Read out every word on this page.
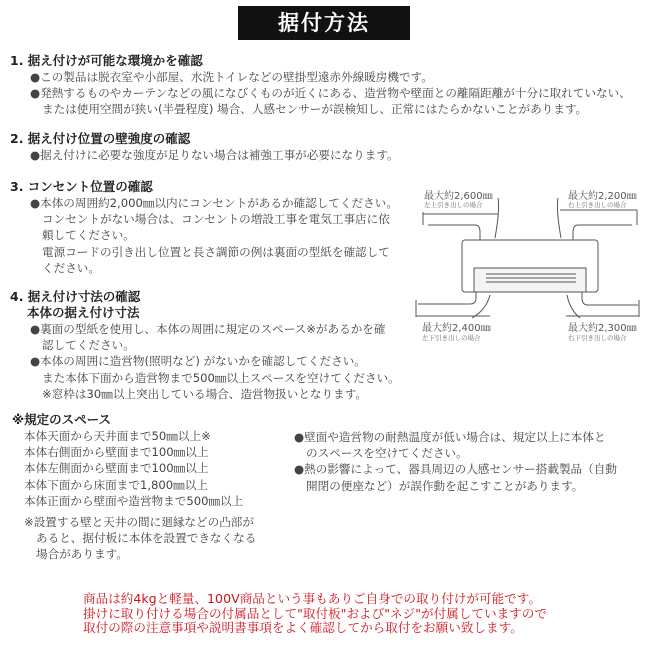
据付方法
1. 据え付けが可能な環境かを確認
●この製品は脱衣室や小部屋、水洗トイレなどの壁掛型遠赤外線暖房機です。
●発熱するものやカーテンなどの風になびくものが近くにある、造営物や壁面との離隔距離が十分に取れていない、
または使用空間が狭い(半畳程度) 場合、人感センサーが誤検知し、正常にはたらかないことがあります。
2. 据え付け位置の壁強度の確認
●据え付けに必要な強度が足りない場合は補強工事が必要になります。
3. コンセント位置の確認
●本体の周囲約2,000㎜以内にコンセントがあるか確認してください。
コンセントがない場合は、コンセントの増設工事を電気工事店に依
頼してください。
電源コードの引き出し位置と長さ調節の例は裏面の型紙を確認して
ください。
4. 据え付け寸法の確認
本体の据え付け寸法
●裏面の型紙を使用し、本体の周囲に規定のスペース※があるかを確
認してください。
●本体の周囲に造営物(照明など) がないかを確認してください。
また本体下面から造営物まで500㎜以上スペースを空けてください。
※窓枠は30㎜以上突出している場合、造営物扱いとなります。
※規定のスペース
本体天面から天井面まで50㎜以上※
本体右側面から壁面まで100㎜以上
本体左側面から壁面まで100㎜以上
本体下面から床面まで1,800㎜以上
本体正面から壁面や造営物まで500㎜以上
※設置する壁と天井の間に廻縁などの凸部が
あると、据付板に本体を設置できなくなる
場合があります。
●壁面や造営物の耐熱温度が低い場合は、規定以上に本体と
のスペースを空けてください。
●熱の影響によって、器具周辺の人感センサー搭載製品（自動
開閉の便座など）が誤作動を起こすことがあります。
最大約2,600㎜
左上引き出しの場合
最大約2,200㎜
右上引き出しの場合
最大約2,400㎜
左下引き出しの場合
最大約2,300㎜
右下引き出しの場合
商品は約4kgと軽量、100V商品という事もありご自身での取り付けが可能です。
掛けに取り付ける場合の付属品として"取付板"および"ネジ"が付属していますので
取付の際の注意事項や説明書事項をよく確認してから取付をお願い致します。
